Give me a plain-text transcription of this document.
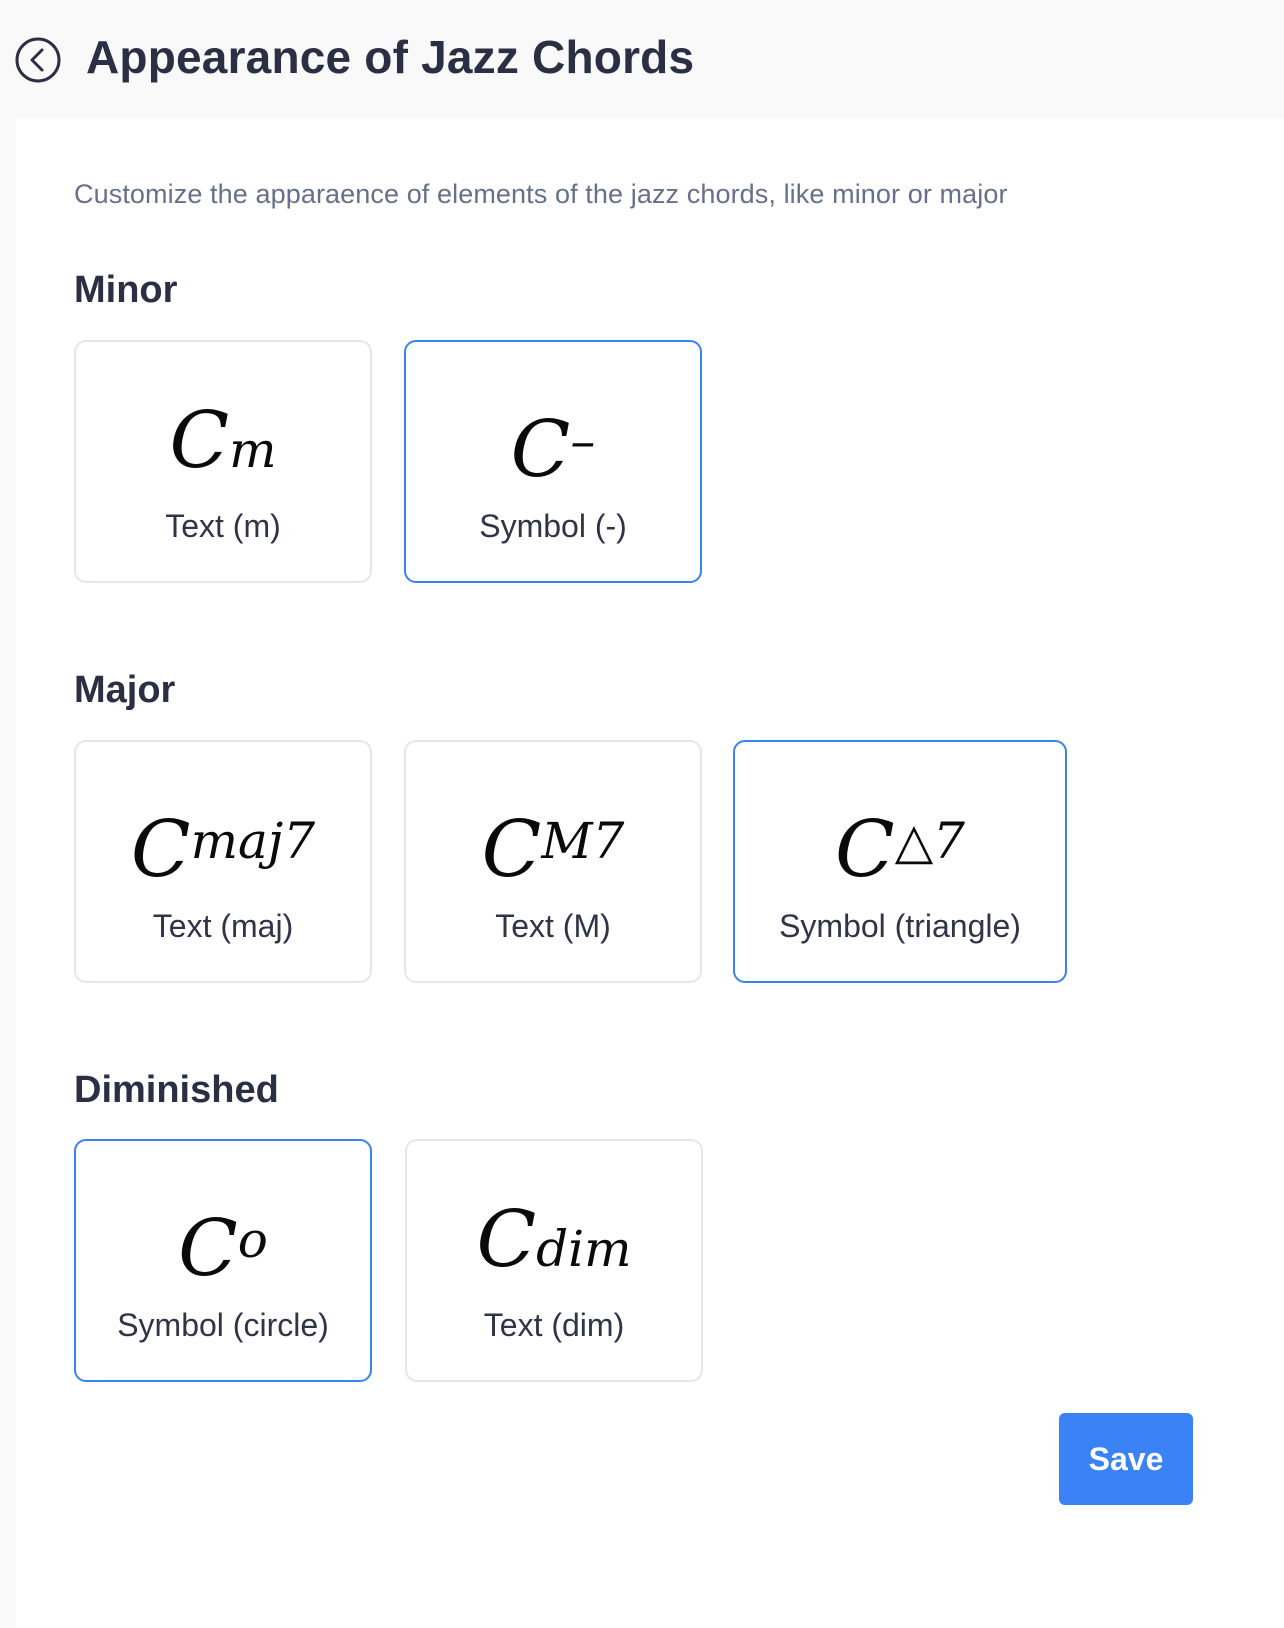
Appearance of Jazz Chords
Customize the apparaence of elements of the jazz chords, like minor or major
Minor
Cm
Text (m)
C–
Symbol (-)
Major
$C^{maj7}$
Text (maj)
$C^{M7}$
Text (M)
$C^{\triangle 7}$
Symbol (triangle)
Diminished
$C^o$
Symbol (circle)
Cdim
Text (dim)
Save
